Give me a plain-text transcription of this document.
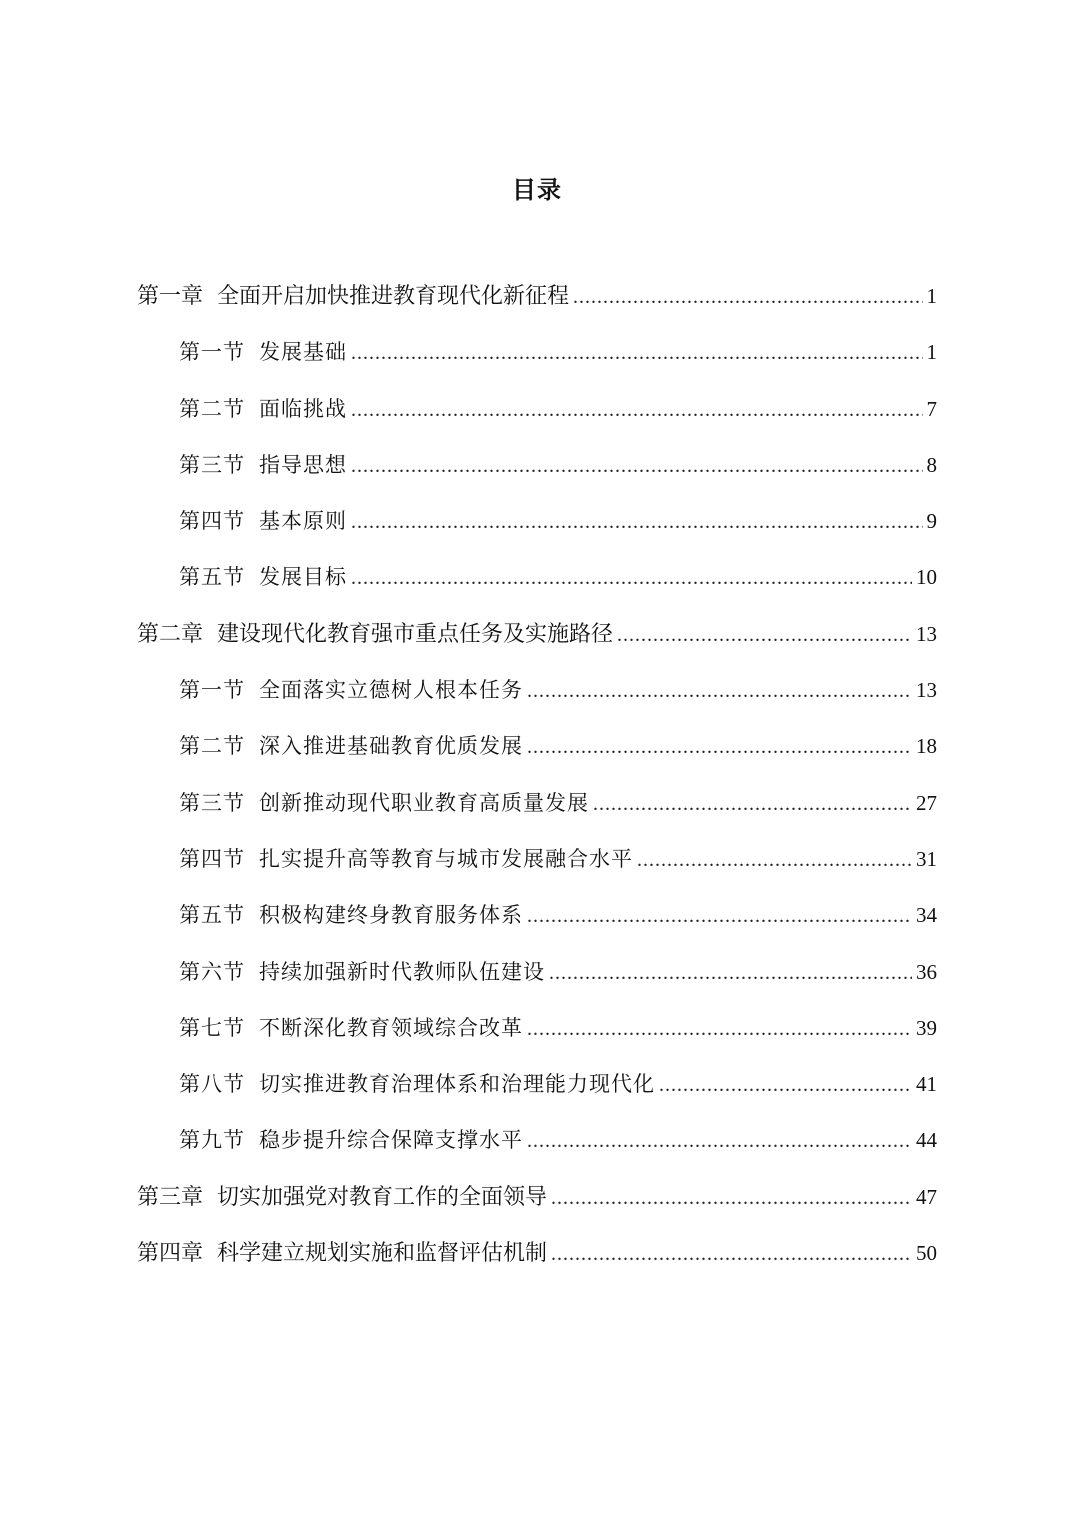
目录
第一章 全面开启加快推进教育现代化新征程 .....	1
第一节 发展基础 .....	1
第二节 面临挑战 .....	7
第三节 指导思想 .....	8
第四节 基本原则 .....	9
第五节 发展目标 .....	10
第二章 建设现代化教育强市重点任务及实施路径 .....	13
第一节 全面落实立德树人根本任务 .....	13
第二节 深入推进基础教育优质发展 .....	18
第三节 创新推动现代职业教育高质量发展 .....	27
第四节 扎实提升高等教育与城市发展融合水平 .....	31
第五节 积极构建终身教育服务体系 .....	34
第六节 持续加强新时代教师队伍建设 .....	36
第七节 不断深化教育领域综合改革 .....	39
第八节 切实推进教育治理体系和治理能力现代化 .....	41
第九节 稳步提升综合保障支撑水平 .....	44
第三章 切实加强党对教育工作的全面领导 .....	47
第四章 科学建立规划实施和监督评估机制 .....	50
